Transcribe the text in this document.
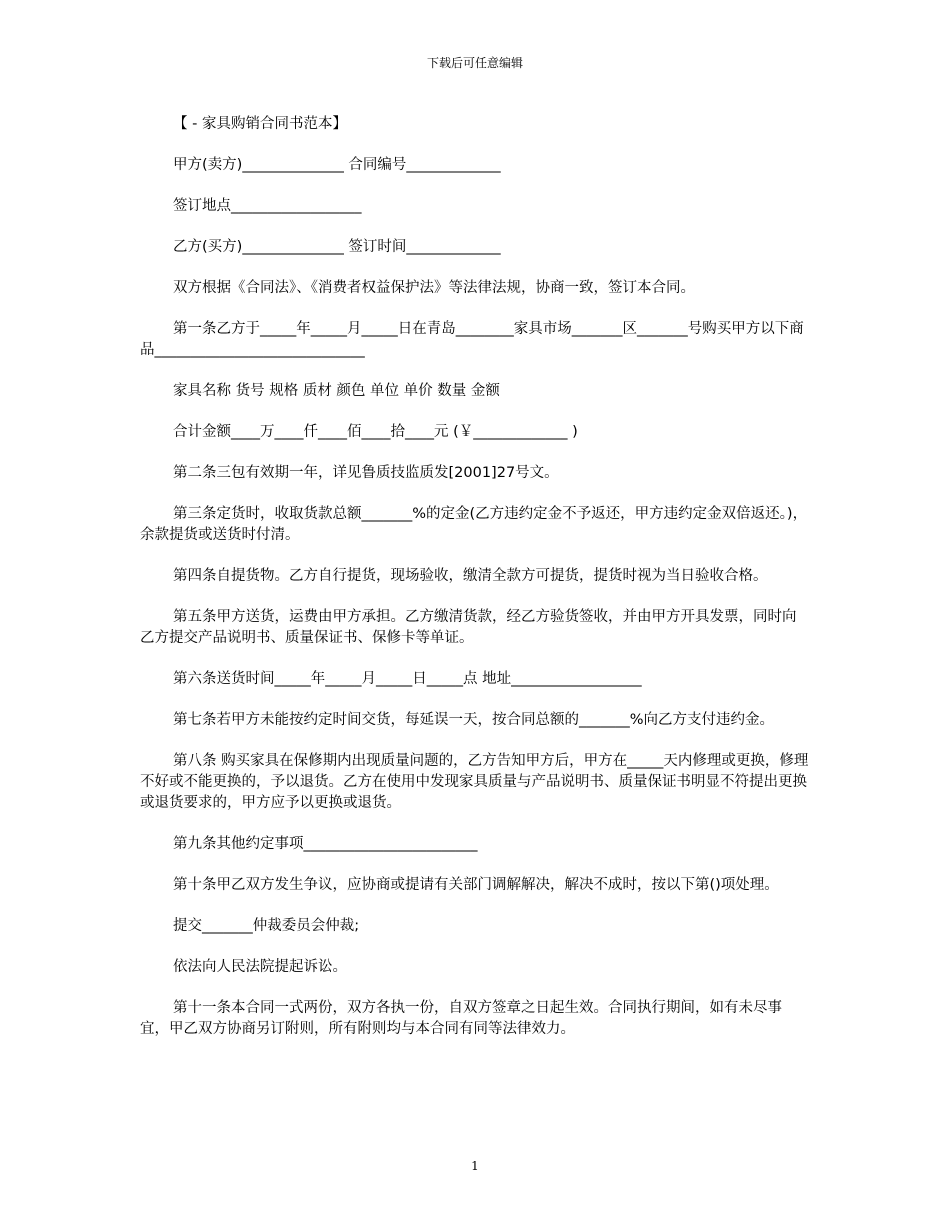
下载后可任意编辑

【 - 家具购销合同书范本】

甲方(卖方)______________ 合同编号_____________

签订地点__________________

乙方(买方)______________ 签订时间_____________

双方根据《合同法》、《消费者权益保护法》等法律法规，协商一致，签订本合同。

第一条乙方于_____年_____月_____日在青岛________家具市场_______区_______号购买甲方以下商品_____________________________

家具名称 货号 规格 质材 颜色 单位 单价 数量 金额

合计金额____万____仟____佰____拾____元 (￥_____________ )

第二条三包有效期一年，详见鲁质技监质发[2001]27号文。

第三条定货时，收取货款总额_______%的定金(乙方违约定金不予返还，甲方违约定金双倍返还。)，余款提货或送货时付清。

第四条自提货物。乙方自行提货，现场验收，缴清全款方可提货，提货时视为当日验收合格。

第五条甲方送货，运费由甲方承担。乙方缴清货款，经乙方验货签收，并由甲方开具发票，同时向乙方提交产品说明书、质量保证书、保修卡等单证。

第六条送货时间_____年_____月_____日_____点 地址__________________

第七条若甲方未能按约定时间交货，每延误一天，按合同总额的_______%向乙方支付违约金。

第八条 购买家具在保修期内出现质量问题的，乙方告知甲方后，甲方在_____天内修理或更换，修理不好或不能更换的，予以退货。乙方在使用中发现家具质量与产品说明书、质量保证书明显不符提出更换或退货要求的，甲方应予以更换或退货。

第九条其他约定事项________________________

第十条甲乙双方发生争议，应协商或提请有关部门调解解决，解决不成时，按以下第()项处理。

提交_______仲裁委员会仲裁;

依法向人民法院提起诉讼。

第十一条本合同一式两份，双方各执一份，自双方签章之日起生效。合同执行期间，如有未尽事宜，甲乙双方协商另订附则，所有附则均与本合同有同等法律效力。

1
